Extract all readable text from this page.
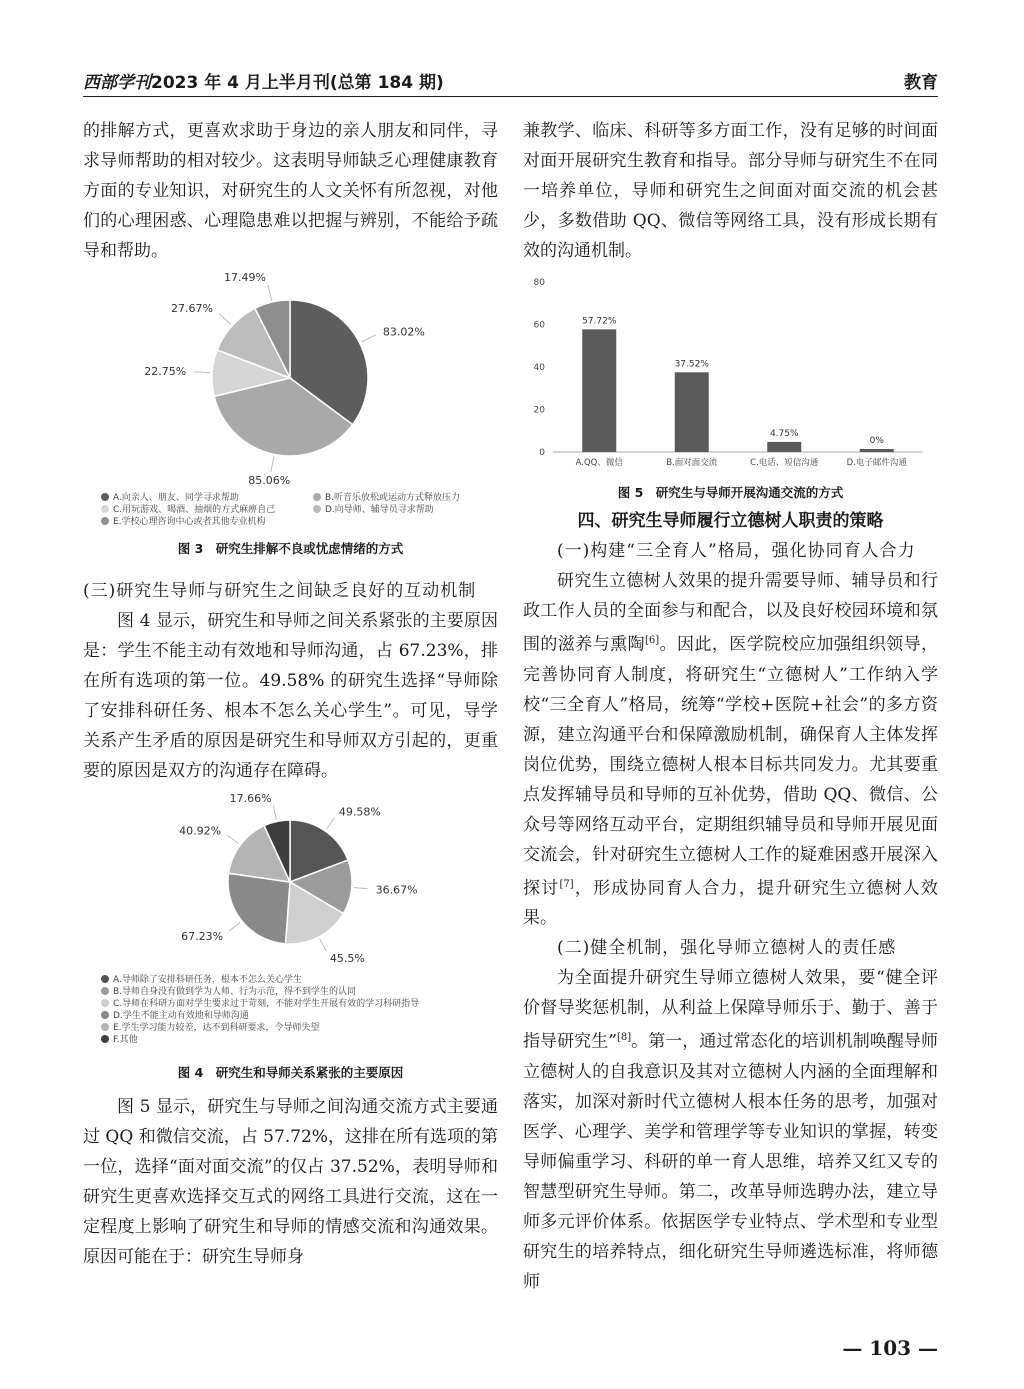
西部学刊2023 年 4 月上半月刊(总第 184 期)	教育

的排解方式，更喜欢求助于身边的亲人朋友和同伴，寻求导师帮助的相对较少。这表明导师缺乏心理健康教育方面的专业知识，对研究生的人文关怀有所忽视，对他们的心理困惑、心理隐患难以把握与辨别，不能给予疏导和帮助。

83.02%
85.06%
22.75%
27.67%
17.49%
A.向亲人、朋友、同学寻求帮助	B.听音乐放松或运动方式释放压力
C.用玩游戏、喝酒、抽烟的方式麻痹自己	D.向导师、辅导员寻求帮助
E.学校心理咨询中心或者其他专业机构
图 3　研究生排解不良或忧虑情绪的方式

(三)研究生导师与研究生之间缺乏良好的互动机制

图 4 显示，研究生和导师之间关系紧张的主要原因是：学生不能主动有效地和导师沟通，占 67.23%，排在所有选项的第一位。49.58% 的研究生选择“导师除了安排科研任务、根本不怎么关心学生”。可见，导学关系产生矛盾的原因是研究生和导师双方引起的，更重要的原因是双方的沟通存在障碍。

49.58%
36.67%
45.5%
67.23%
40.92%
17.66%
A.导师除了安排科研任务，根本不怎么关心学生
B.导师自身没有做到学为人师、行为示范，得不到学生的认同
C.导师在科研方面对学生要求过于苛刻，不能对学生开展有效的学习科研指导
D.学生不能主动有效地和导师沟通
E.学生学习能力较差，达不到科研要求，令导师失望
F.其他
图 4　研究生和导师关系紧张的主要原因

图 5 显示，研究生与导师之间沟通交流方式主要通过 QQ 和微信交流，占 57.72%，这排在所有选项的第一位，选择“面对面交流”的仅占 37.52%，表明导师和研究生更喜欢选择交互式的网络工具进行交流，这在一定程度上影响了研究生和导师的情感交流和沟通效果。原因可能在于：研究生导师身

兼教学、临床、科研等多方面工作，没有足够的时间面对面开展研究生教育和指导。部分导师与研究生不在同一培养单位，导师和研究生之间面对面交流的机会甚少，多数借助 QQ、微信等网络工具，没有形成长期有效的沟通机制。

0
20
40
60
80
57.72%
A.QQ、微信
37.52%
B.面对面交流
4.75%
C.电话、短信沟通
0%
D.电子邮件沟通
图 5　研究生与导师开展沟通交流的方式

四、研究生导师履行立德树人职责的策略

(一)构建“三全育人”格局，强化协同育人合力

研究生立德树人效果的提升需要导师、辅导员和行政工作人员的全面参与和配合，以及良好校园环境和氛围的滋养与熏陶[6]。因此，医学院校应加强组织领导，完善协同育人制度，将研究生“立德树人”工作纳入学校“三全育人”格局，统筹“学校+医院+社会”的多方资源，建立沟通平台和保障激励机制，确保育人主体发挥岗位优势，围绕立德树人根本目标共同发力。尤其要重点发挥辅导员和导师的互补优势，借助 QQ、微信、公众号等网络互动平台，定期组织辅导员和导师开展见面交流会，针对研究生立德树人工作的疑难困惑开展深入探讨[7]，形成协同育人合力，提升研究生立德树人效果。

(二)健全机制，强化导师立德树人的责任感

为全面提升研究生导师立德树人效果，要“健全评价督导奖惩机制，从利益上保障导师乐于、勤于、善于指导研究生”[8]。第一，通过常态化的培训机制唤醒导师立德树人的自我意识及其对立德树人内涵的全面理解和落实，加深对新时代立德树人根本任务的思考，加强对医学、心理学、美学和管理学等专业知识的掌握，转变导师偏重学习、科研的单一育人思维，培养又红又专的智慧型研究生导师。第二，改革导师选聘办法，建立导师多元评价体系。依据医学专业特点、学术型和专业型研究生的培养特点，细化研究生导师遴选标准，将师德师

— 103 —
